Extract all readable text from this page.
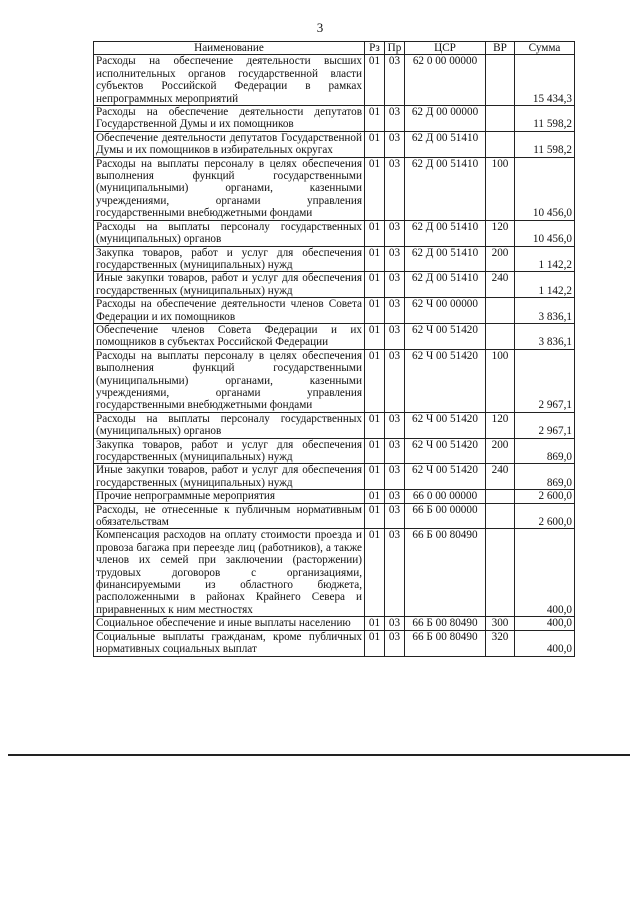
3
Наименование	Рз	Пр	ЦСР	ВР	Сумма
Расходы на обеспечение деятельности высших исполнительных органов государственной власти субъектов Российской Федерации в рамках непрограммных мероприятий	01	03	62 0 00 00000		15 434,3
Расходы на обеспечение деятельности депутатов Государственной Думы и их помощников	01	03	62 Д 00 00000		11 598,2
Обеспечение деятельности депутатов Государственной Думы и их помощников в избирательных округах	01	03	62 Д 00 51410		11 598,2
Расходы на выплаты персоналу в целях обеспечения выполнения функций государственными (муниципальными) органами, казенными учреждениями, органами управления государственными внебюджетными фондами	01	03	62 Д 00 51410	100	10 456,0
Расходы на выплаты персоналу государственных (муниципальных) органов	01	03	62 Д 00 51410	120	10 456,0
Закупка товаров, работ и услуг для обеспечения государственных (муниципальных) нужд	01	03	62 Д 00 51410	200	1 142,2
Иные закупки товаров, работ и услуг для обеспечения государственных (муниципальных) нужд	01	03	62 Д 00 51410	240	1 142,2
Расходы на обеспечение деятельности членов Совета Федерации и их помощников	01	03	62 Ч 00 00000		3 836,1
Обеспечение членов Совета Федерации и их помощников в субъектах Российской Федерации	01	03	62 Ч 00 51420		3 836,1
Расходы на выплаты персоналу в целях обеспечения выполнения функций государственными (муниципальными) органами, казенными учреждениями, органами управления государственными внебюджетными фондами	01	03	62 Ч 00 51420	100	2 967,1
Расходы на выплаты персоналу государственных (муниципальных) органов	01	03	62 Ч 00 51420	120	2 967,1
Закупка товаров, работ и услуг для обеспечения государственных (муниципальных) нужд	01	03	62 Ч 00 51420	200	869,0
Иные закупки товаров, работ и услуг для обеспечения государственных (муниципальных) нужд	01	03	62 Ч 00 51420	240	869,0
Прочие непрограммные мероприятия	01	03	66 0 00 00000		2 600,0
Расходы, не отнесенные к публичным нормативным обязательствам	01	03	66 Б 00 00000		2 600,0
Компенсация расходов на оплату стоимости проезда и провоза багажа при переезде лиц (работников), а также членов их семей при заключении (расторжении) трудовых договоров с организациями, финансируемыми из областного бюджета, расположенными в районах Крайнего Севера и приравненных к ним местностях	01	03	66 Б 00 80490		400,0
Социальное обеспечение и иные выплаты населению	01	03	66 Б 00 80490	300	400,0
Социальные выплаты гражданам, кроме публичных нормативных социальных выплат	01	03	66 Б 00 80490	320	400,0
